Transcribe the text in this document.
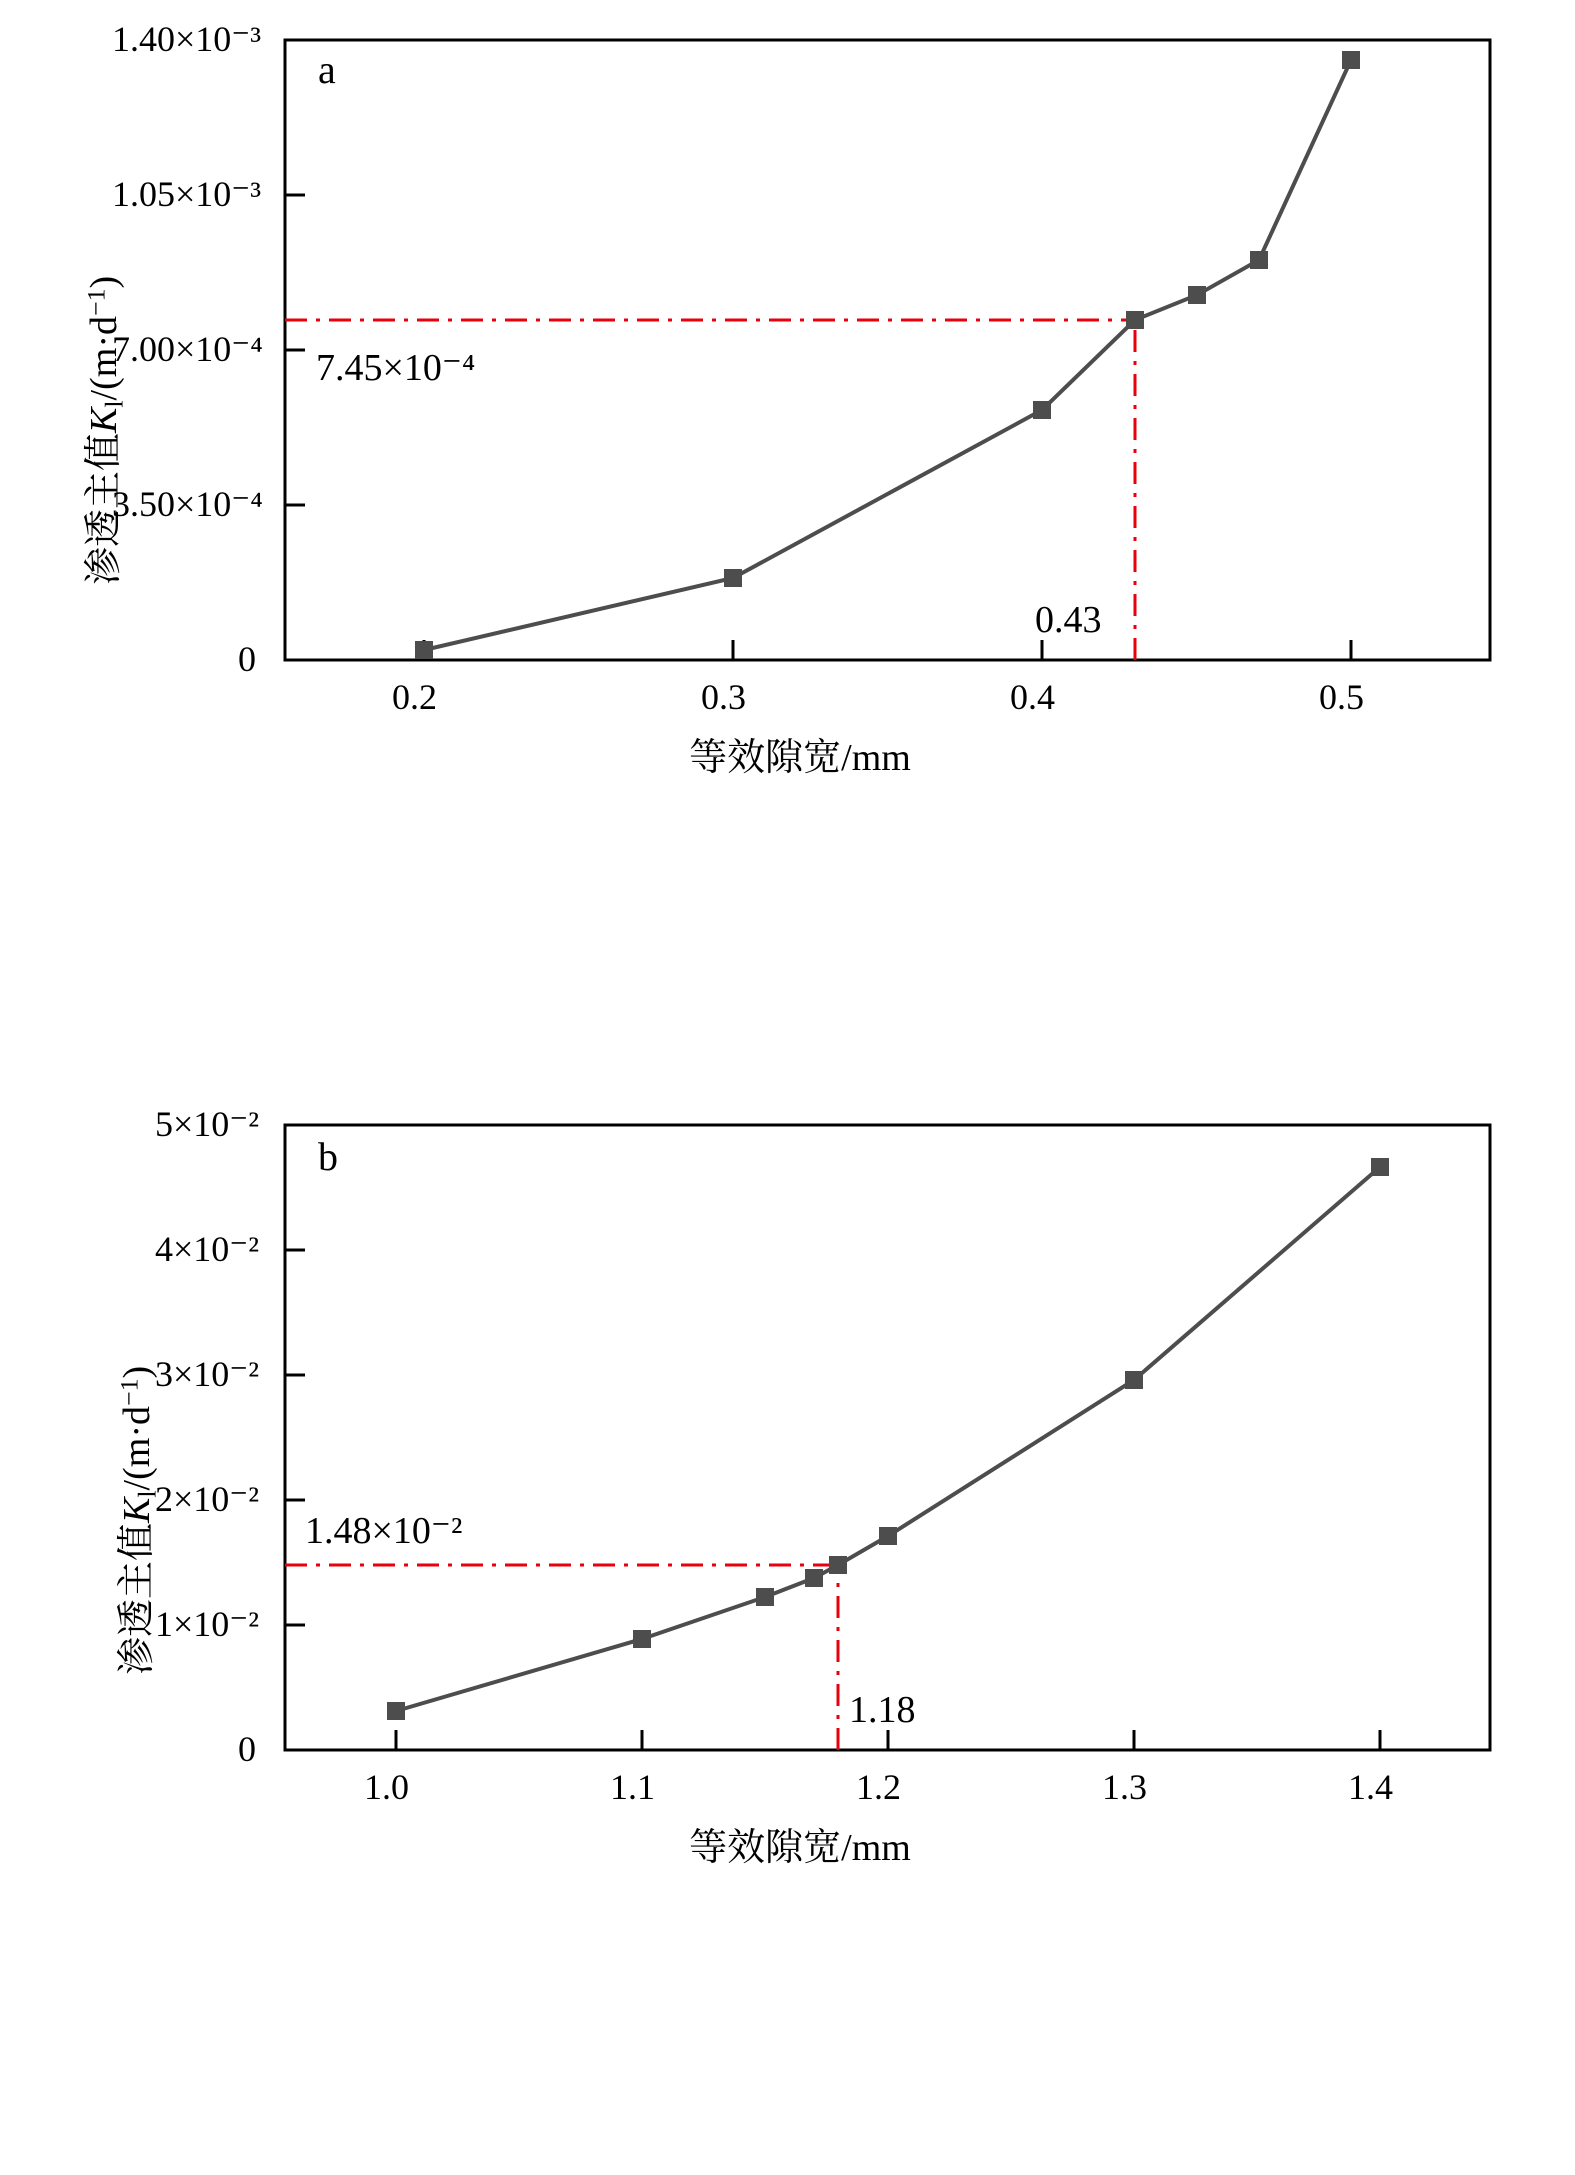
a
0
3.50×10⁻⁴
7.00×10⁻⁴
1.05×10⁻³
1.40×10⁻³
0.2	0.3	0.4	0.5
7.45×10⁻⁴
0.43
等效隙宽/mm
渗透主值$K_l/(m\cdot d^{-1})$
b
0
1×10⁻²
2×10⁻²
3×10⁻²
4×10⁻²
5×10⁻²
1.0	1.1	1.2	1.3	1.4
1.48×10⁻²
1.18
等效隙宽/mm
渗透主值$K_l/(m\cdot d^{-1})$
